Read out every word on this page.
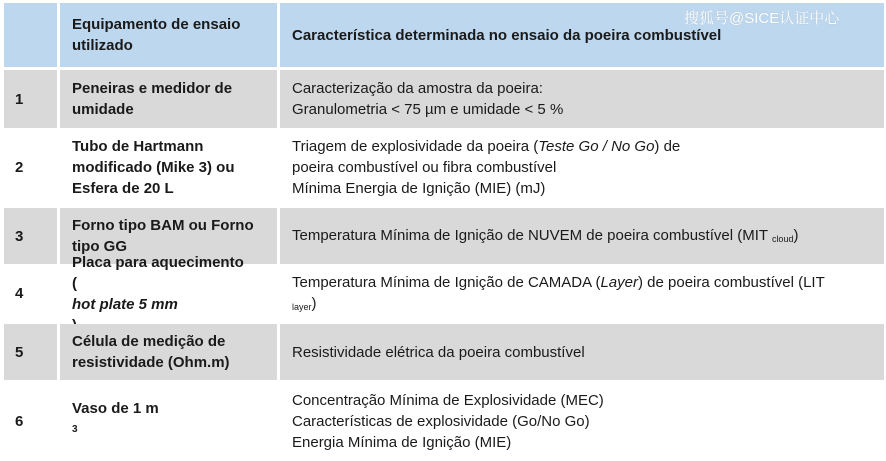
Equipamento de ensaio utilizado
Característica determinada no ensaio da poeira combustível
1
Peneiras e medidor de
umidade
Caracterização da amostra da poeira:
Granulometria < 75 µm e umidade < 5 %
2
Tubo de Hartmann
modificado (Mike 3) ou
Esfera de 20 L
Triagem de explosividade da poeira (Teste Go / No Go) de
poeira combustível ou fibra combustível
Mínima Energia de Ignição (MIE) (mJ)
3
Forno tipo BAM ou Forno
tipo GG
Temperatura Mínima de Ignição de NUVEM de poeira combustível (MIT $_{cloud}$)
4
Placa para aquecimento
(
hot plate 5 mm
Temperatura Mínima de Ignição de CAMADA (Layer) de poeira combustível (LIT
$_{layer}$)
5
Célula de medição de
resistividade (Ohm.m)
Resistividade elétrica da poeira combustível
6
Vaso de 1 m
$^3$
Concentração Mínima de Explosividade (MEC)
Características de explosividade (Go/No Go)
Energia Mínima de Ignição (MIE)
搜狐号@SICE认证中心
